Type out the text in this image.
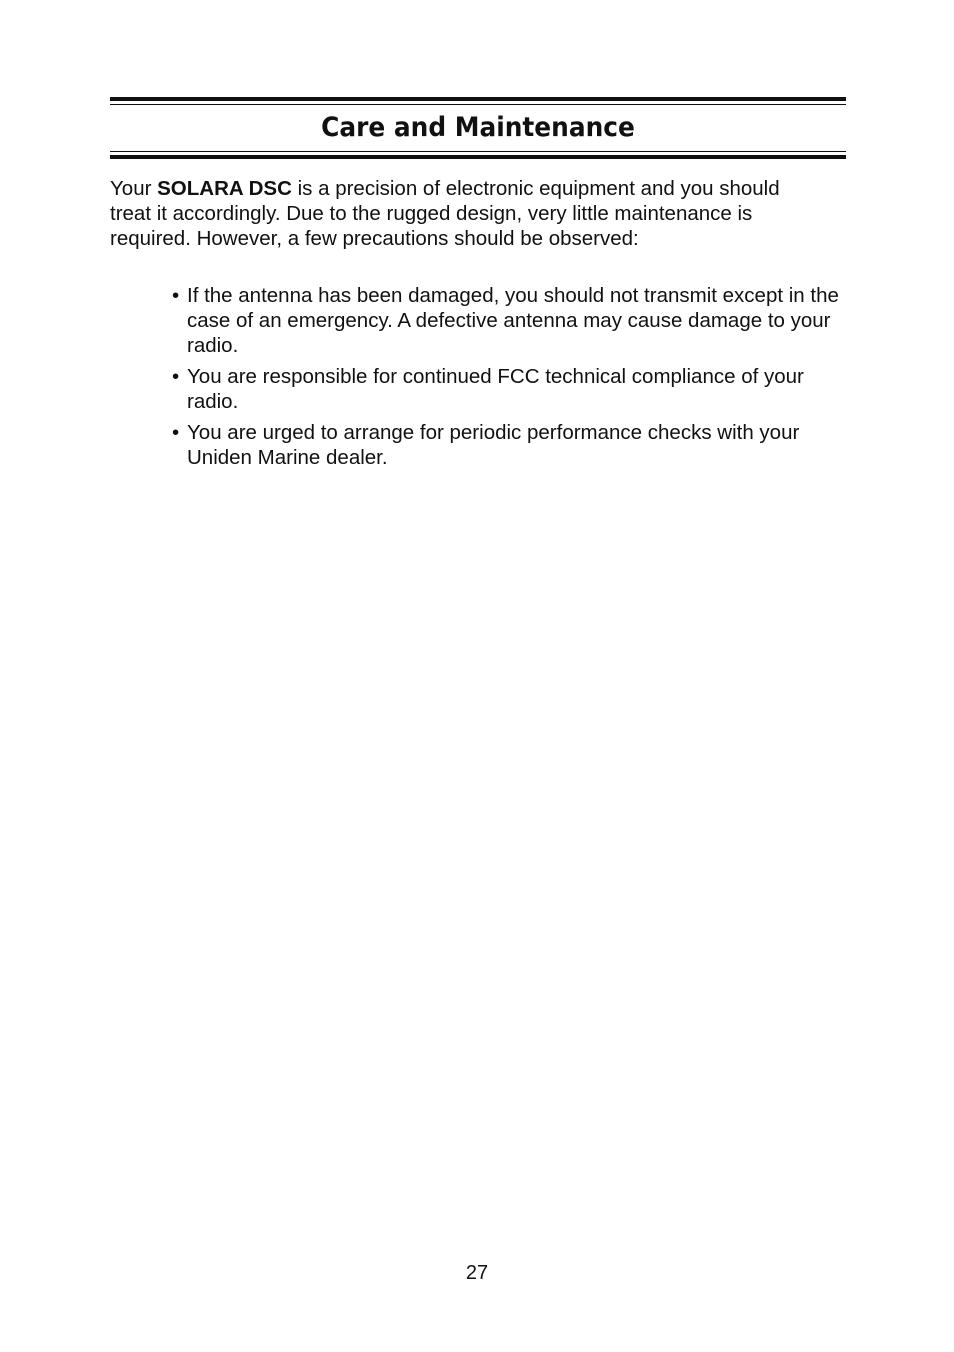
Care and Maintenance

Your SOLARA DSC is a precision of electronic equipment and you should treat it accordingly. Due to the rugged design, very little maintenance is required. However, a few precautions should be observed:

• If the antenna has been damaged, you should not transmit except in the case of an emergency. A defective antenna may cause damage to your radio.
• You are responsible for continued FCC technical compliance of your radio.
• You are urged to arrange for periodic performance checks with your Uniden Marine dealer.
27
